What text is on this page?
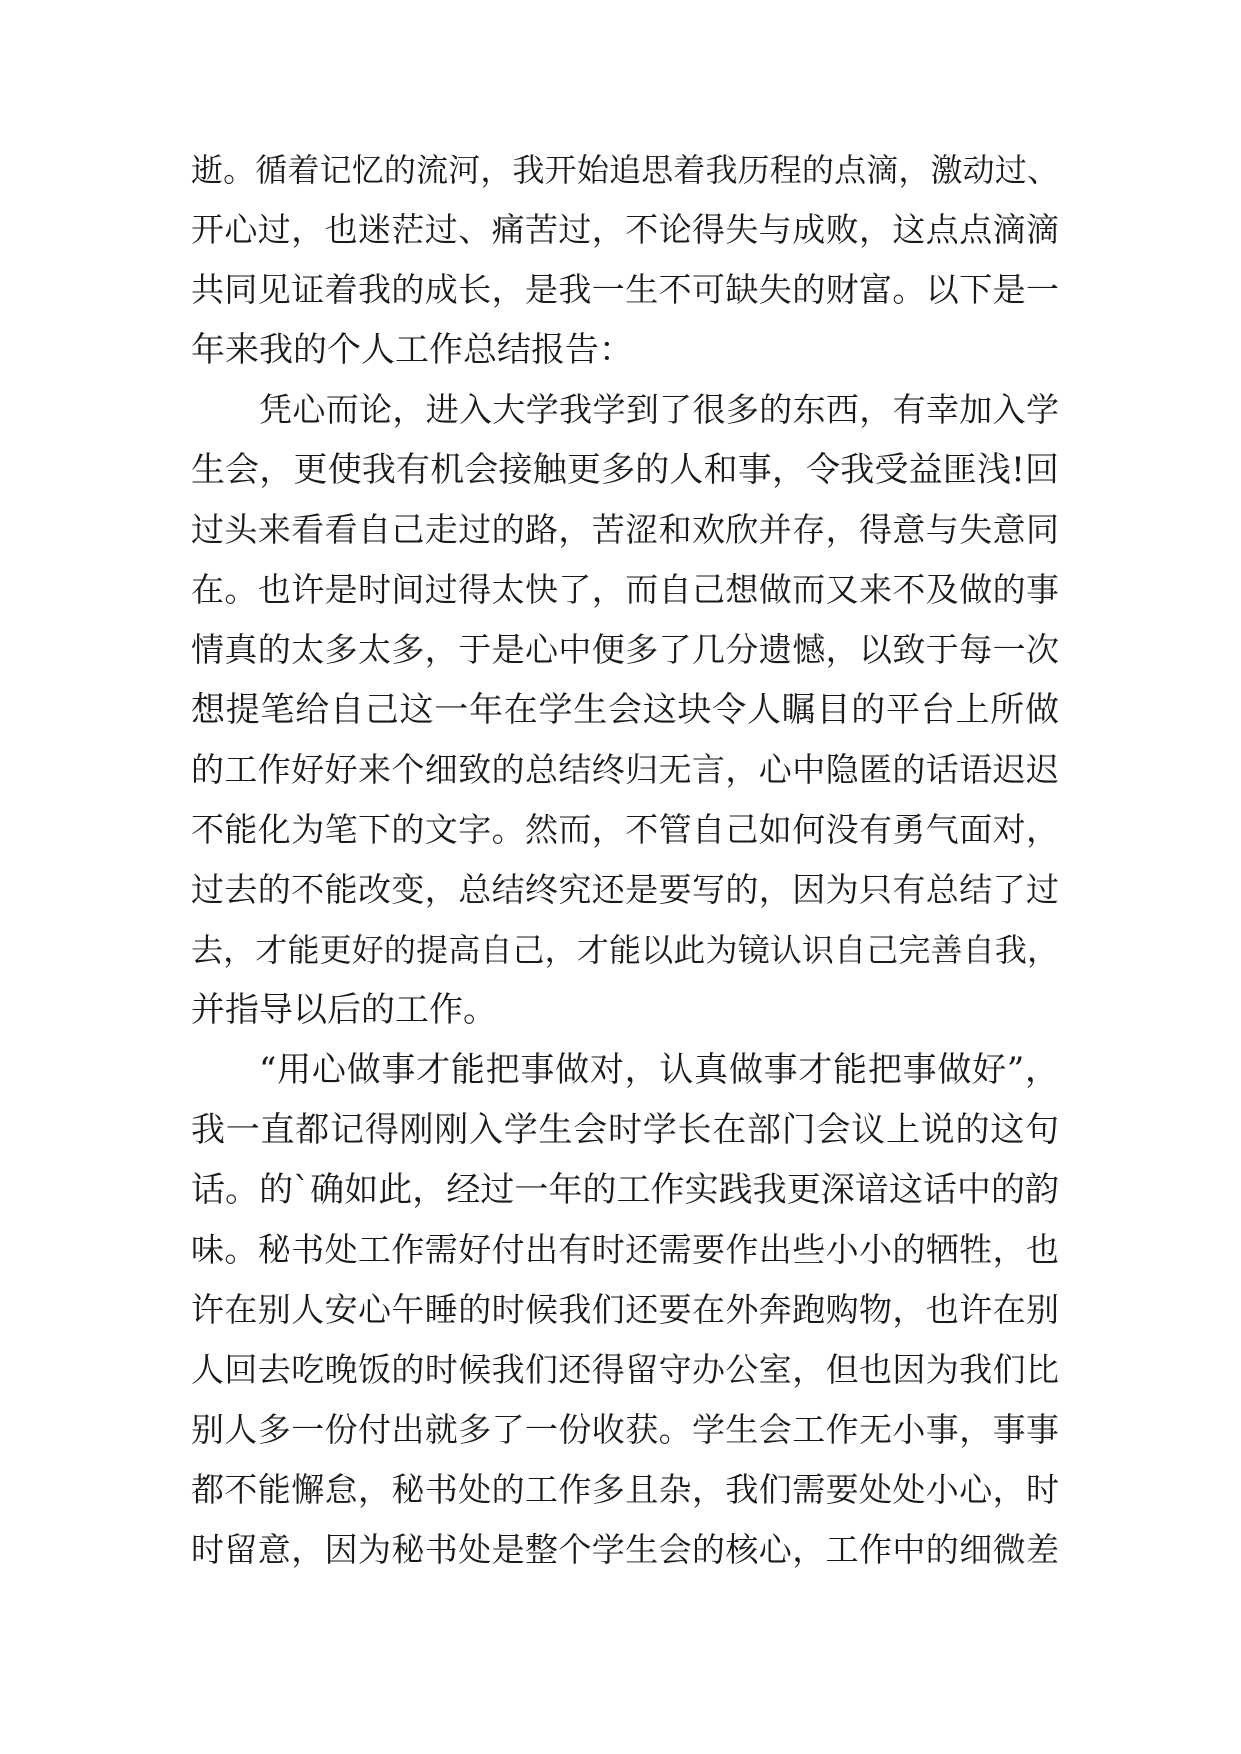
逝。循着记忆的流河，我开始追思着我历程的点滴，激动过、
开心过，也迷茫过、痛苦过，不论得失与成败，这点点滴滴
共同见证着我的成长，是我一生不可缺失的财富。以下是一
年来我的个人工作总结报告：
凭心而论，进入大学我学到了很多的东西，有幸加入学
生会，更使我有机会接触更多的人和事，令我受益匪浅!回
过头来看看自己走过的路，苦涩和欢欣并存，得意与失意同
在。也许是时间过得太快了，而自己想做而又来不及做的事
情真的太多太多，于是心中便多了几分遗憾，以致于每一次
想提笔给自己这一年在学生会这块令人瞩目的平台上所做
的工作好好来个细致的总结终归无言，心中隐匿的话语迟迟
不能化为笔下的文字。然而，不管自己如何没有勇气面对，
过去的不能改变，总结终究还是要写的，因为只有总结了过
去，才能更好的提高自己，才能以此为镜认识自己完善自我，
并指导以后的工作。
“用心做事才能把事做对，认真做事才能把事做好”，
我一直都记得刚刚入学生会时学长在部门会议上说的这句
话。的`确如此，经过一年的工作实践我更深谙这话中的韵
味。秘书处工作需好付出有时还需要作出些小小的牺牲，也
许在别人安心午睡的时候我们还要在外奔跑购物，也许在别
人回去吃晚饭的时候我们还得留守办公室，但也因为我们比
别人多一份付出就多了一份收获。学生会工作无小事，事事
都不能懈怠，秘书处的工作多且杂，我们需要处处小心，时
时留意，因为秘书处是整个学生会的核心，工作中的细微差
